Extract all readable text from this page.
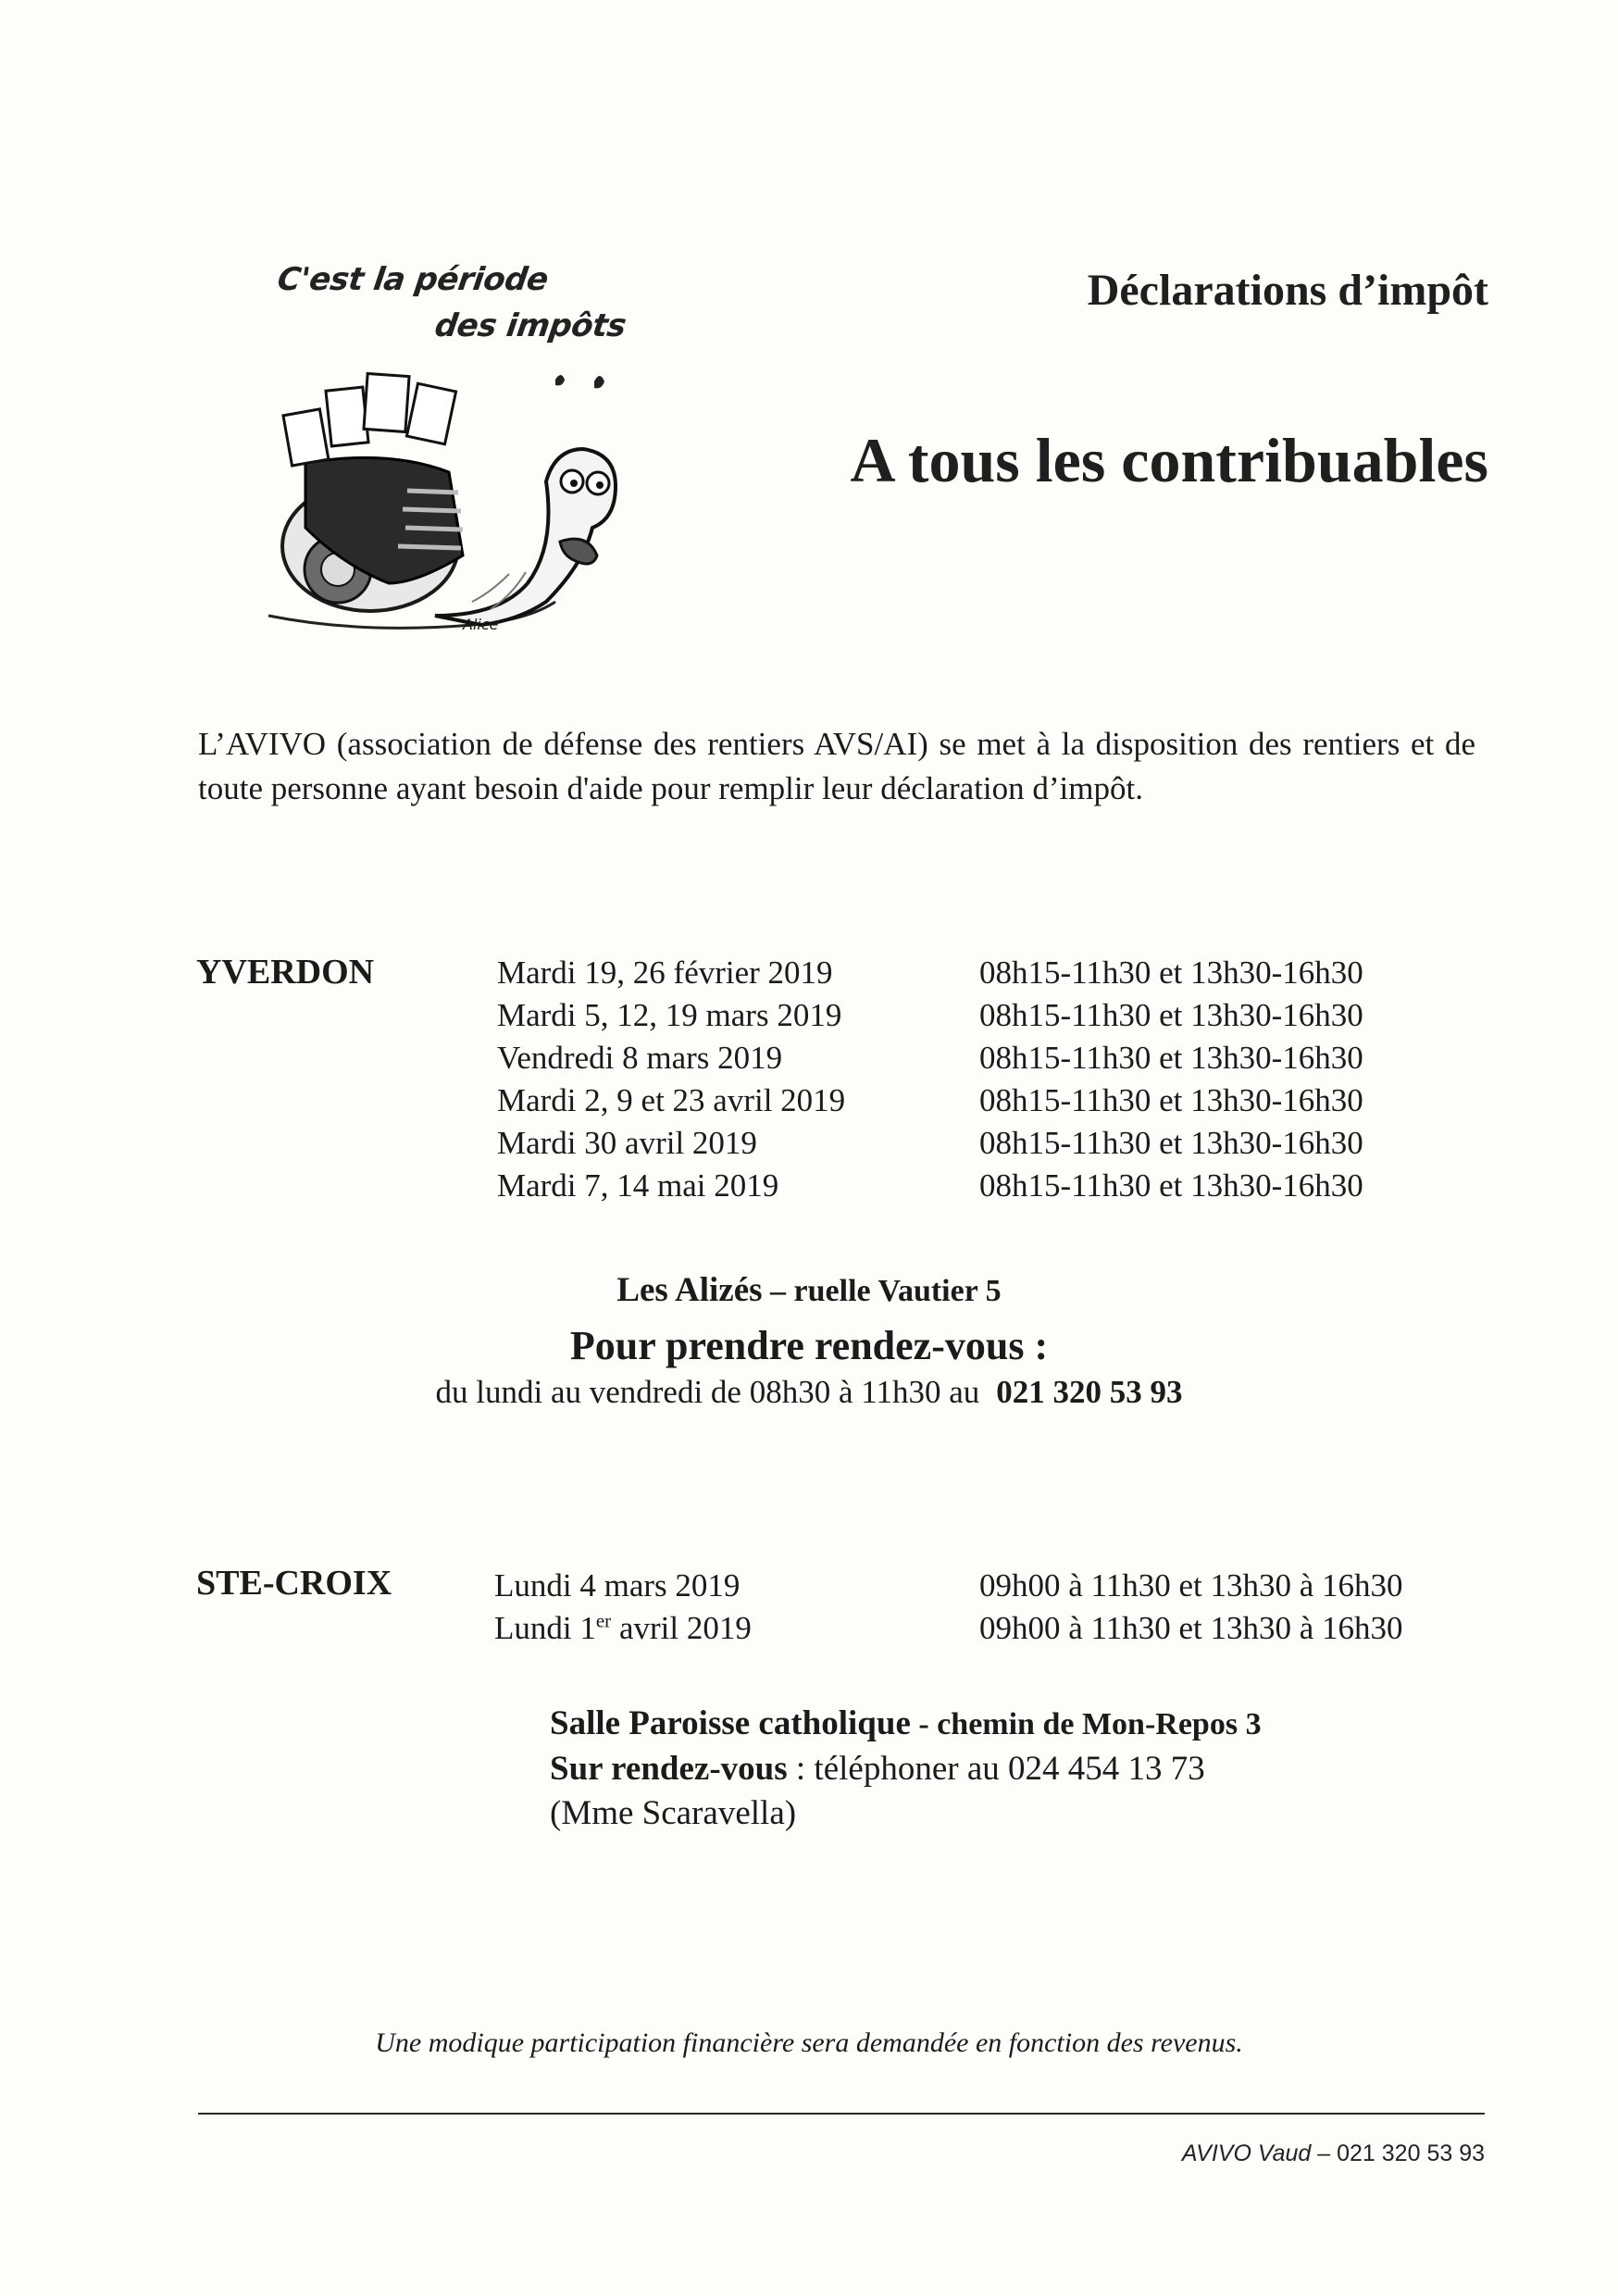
C'est la période
des impôts
Alice
Déclarations d’impôt
A tous les contribuables
L’AVIVO (association de défense des rentiers AVS/AI) se met à la disposition des rentiers et de toute personne ayant besoin d'aide pour remplir leur déclaration d’impôt.
YVERDON	Mardi 19, 26 février 2019
Mardi 5, 12, 19 mars 2019
Vendredi 8 mars 2019
Mardi 2, 9 et 23 avril 2019
Mardi 30 avril 2019
Mardi 7, 14 mai 2019
08h15-11h30 et 13h30-16h30
08h15-11h30 et 13h30-16h30
08h15-11h30 et 13h30-16h30
08h15-11h30 et 13h30-16h30
08h15-11h30 et 13h30-16h30
08h15-11h30 et 13h30-16h30
Les Alizés – ruelle Vautier 5
Pour prendre rendez-vous :
du lundi au vendredi de 08h30 à 11h30 au 021 320 53 93
STE-CROIX	Lundi 4 mars 2019
Lundi 1er avril 2019
09h00 à 11h30 et 13h30 à 16h30
09h00 à 11h30 et 13h30 à 16h30
Salle Paroisse catholique - chemin de Mon-Repos 3
Sur rendez-vous : téléphoner au 024 454 13 73
(Mme Scaravella)
Une modique participation financière sera demandée en fonction des revenus.
AVIVO Vaud – 021 320 53 93
